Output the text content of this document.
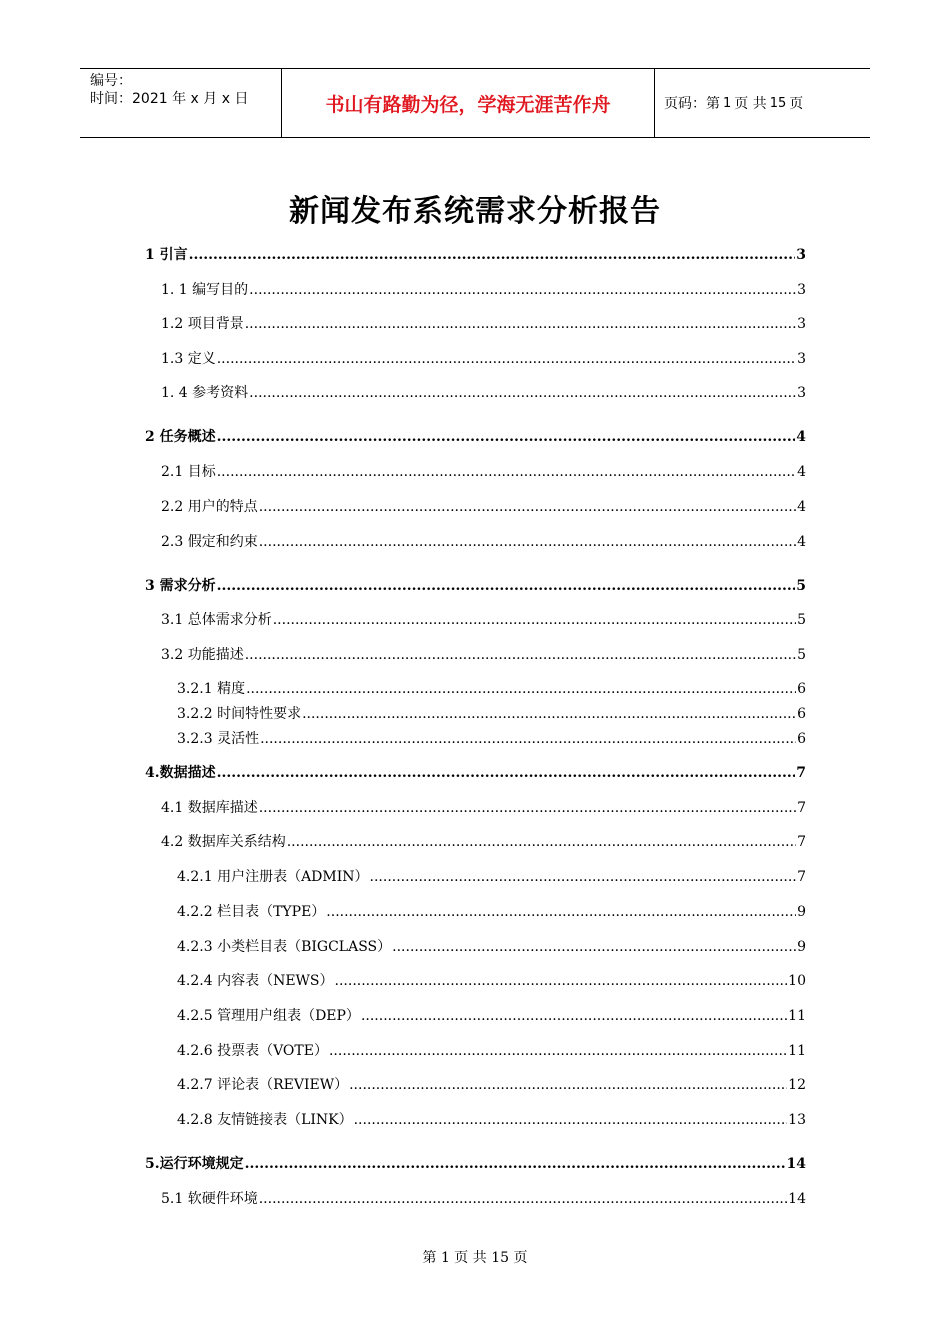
编号：
时间：2021 年 x 月 x 日	书山有路勤为径，学海无涯苦作舟	页码：第 1 页 共 15 页
新闻发布系统需求分析报告
1 引言 .....	3
1. 1 编写目的 .....	3
1.2 项目背景 .....	3
1.3 定义 .....	3
1. 4 参考资料 .....	3
2 任务概述 .....	4
2.1 目标 .....	4
2.2 用户的特点 .....	4
2.3 假定和约束 .....	4
3 需求分析 .....	5
3.1 总体需求分析 .....	5
3.2 功能描述 .....	5
3.2.1 精度 .....	6
3.2.2 时间特性要求 .....	6
3.2.3 灵活性 .....	6
4.数据描述 .....	7
4.1 数据库描述 .....	7
4.2 数据库关系结构 .....	7
4.2.1 用户注册表（ADMIN） .....	7
4.2.2 栏目表（TYPE） .....	9
4.2.3 小类栏目表（BIGCLASS） .....	9
4.2.4 内容表（NEWS） .....	10
4.2.5 管理用户组表（DEP） .....	11
4.2.6 投票表（VOTE） .....	11
4.2.7 评论表（REVIEW） .....	12
4.2.8 友情链接表（LINK） .....	13
5.运行环境规定 .....	14
5.1 软硬件环境 .....	14
第 1 页 共 15 页
